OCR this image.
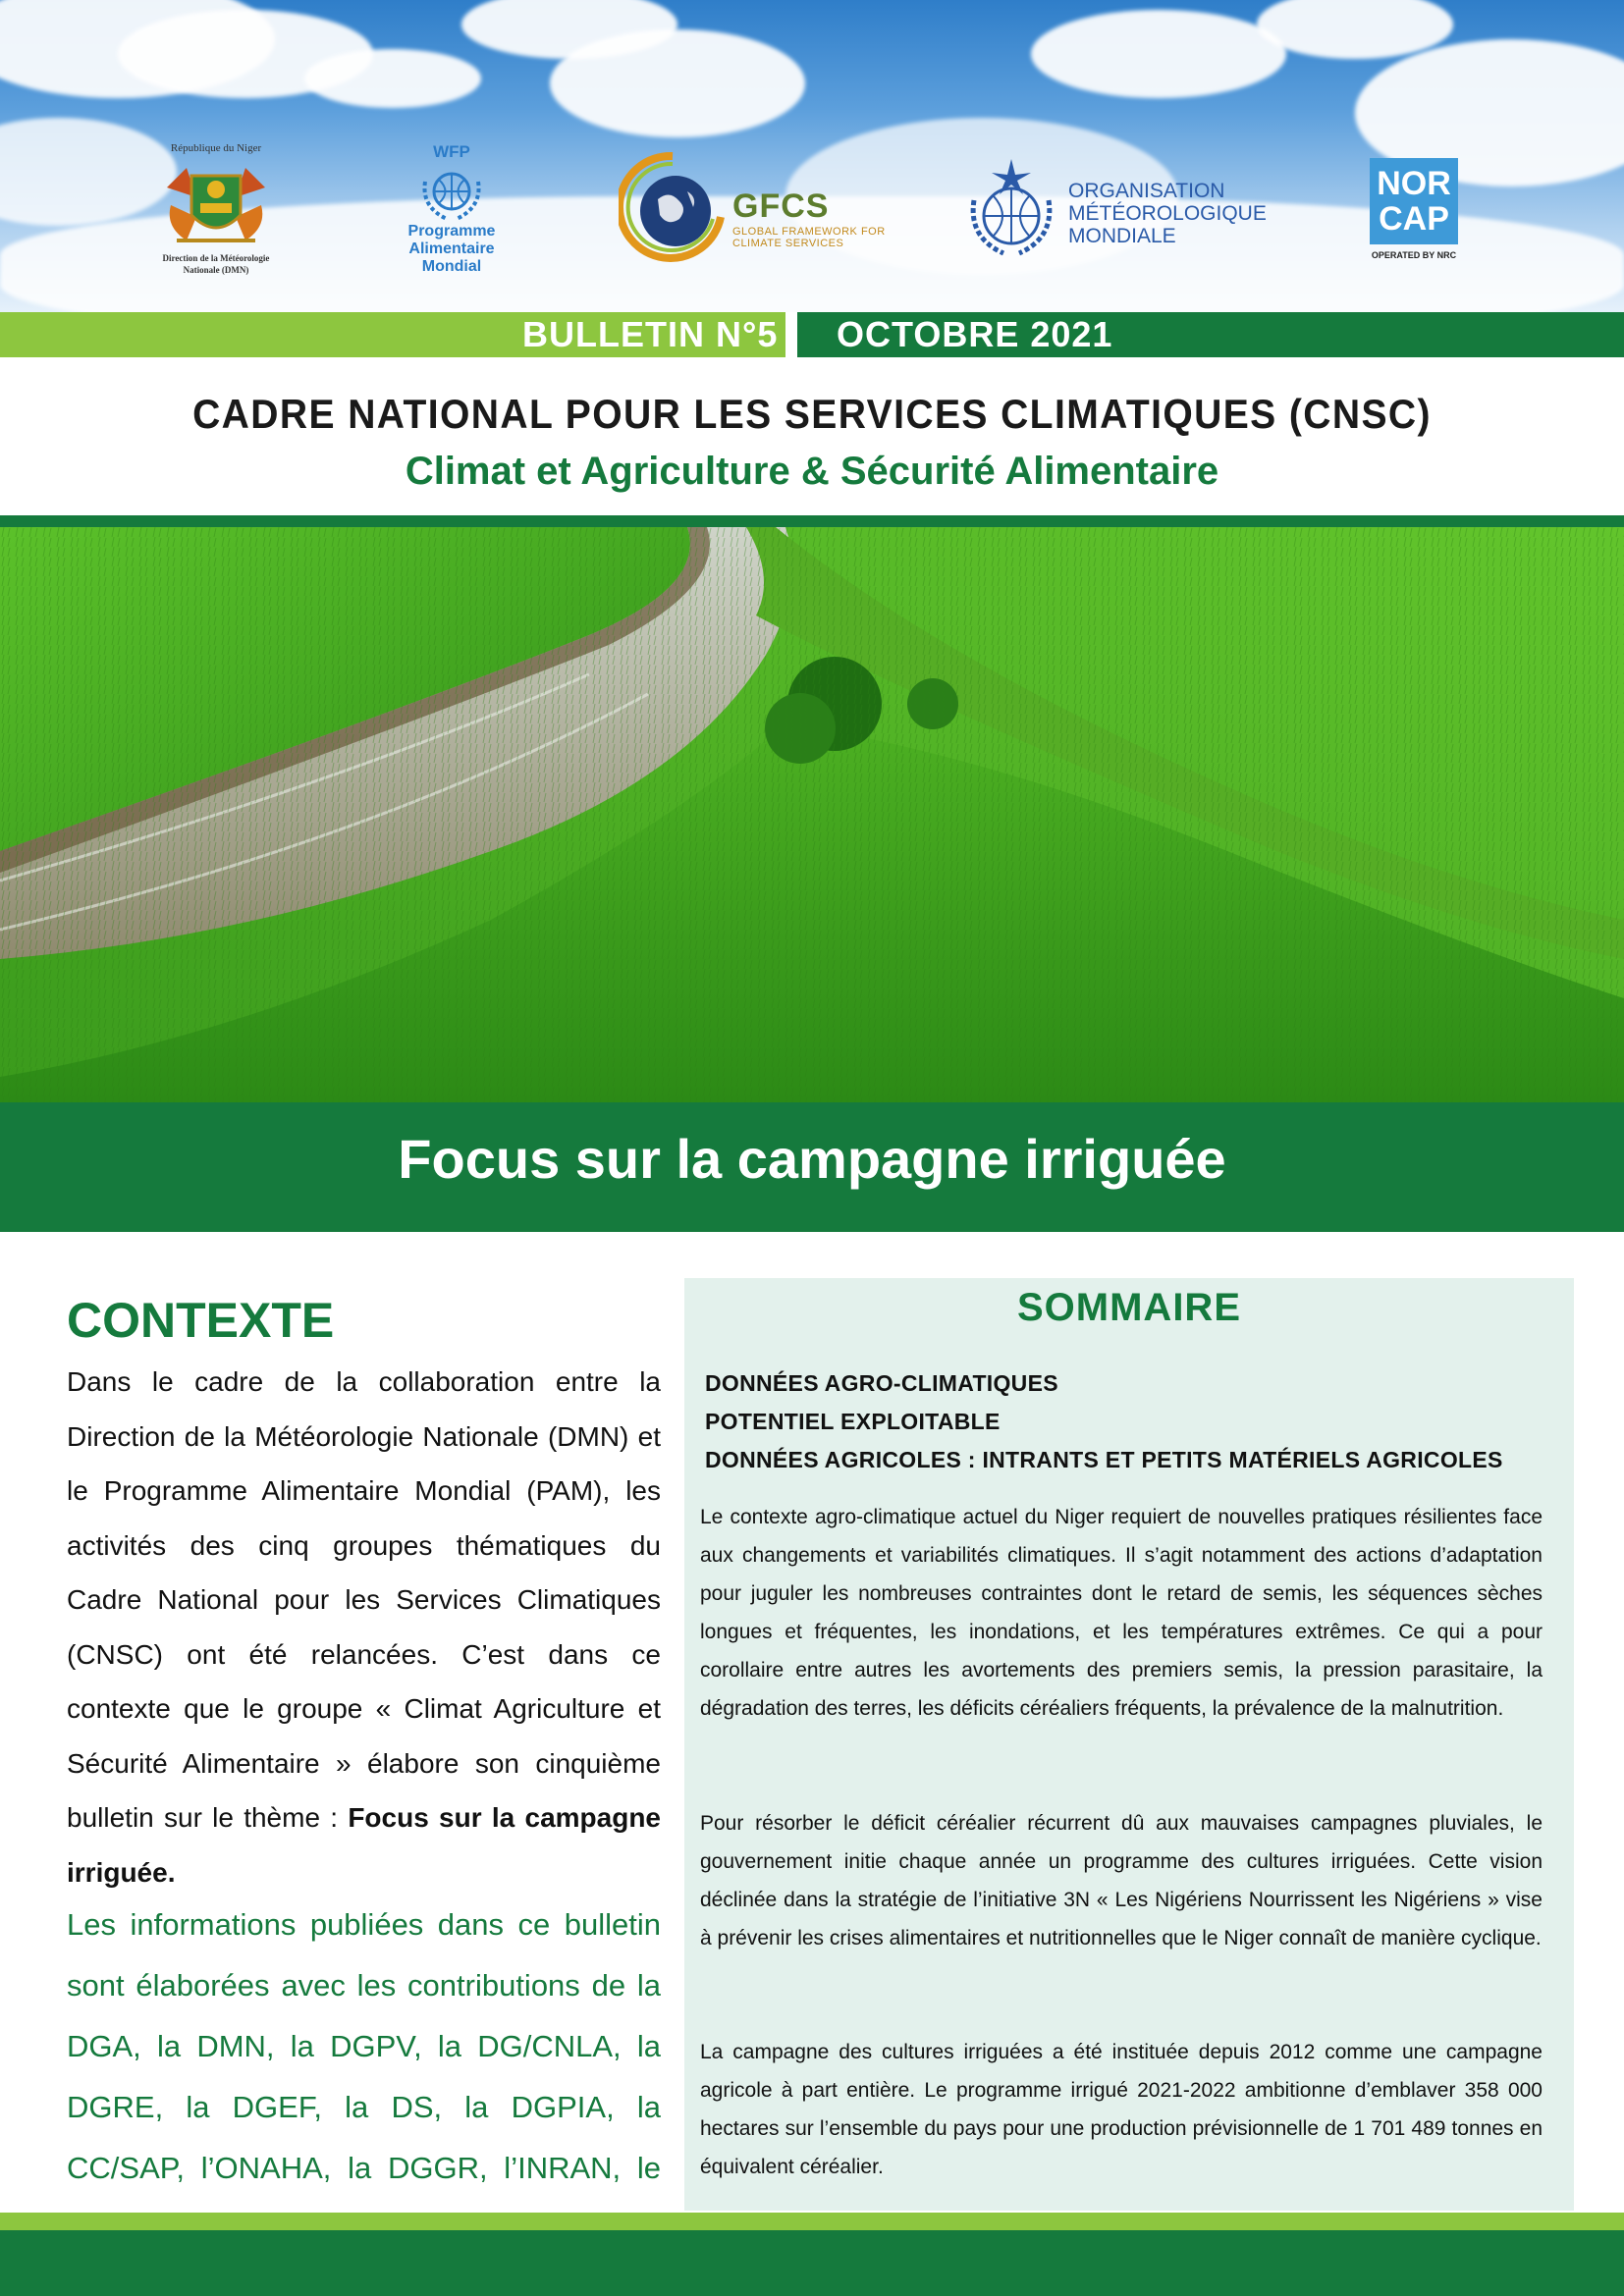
République du Niger
Direction de la Météorologie Nationale (DMN)
WFP
Programme
Alimentaire
Mondial
GFCS
GLOBAL FRAMEWORK FOR
CLIMATE SERVICES
ORGANISATION
MÉTÉOROLOGIQUE
MONDIALE
NOR
CAP
OPERATED BY NRC
BULLETIN N°5 OCTOBRE 2021
CADRE NATIONAL POUR LES SERVICES CLIMATIQUES (CNSC)
Climat et Agriculture & Sécurité Alimentaire
Focus sur la campagne irriguée
CONTEXTE
Dans le cadre de la collaboration entre la Direction de la Météorologie Nationale (DMN) et le Programme Alimentaire Mondial (PAM), les activités des cinq groupes thématiques du Cadre National pour les Services Climatiques (CNSC) ont été relancées. C’est dans ce contexte que le groupe « Climat Agriculture et Sécurité Alimentaire » élabore son cinquième bulletin sur le thème : Focus sur la campagne irriguée.
Les informations publiées dans ce bulletin sont élaborées avec les contributions de la DGA, la DMN, la DGPV, la DG/CNLA, la DGRE, la DGEF, la DS, la DGPIA, la CC/SAP, l’ONAHA, la DGGR, l’INRAN, le
SOMMAIRE
DONNÉES AGRO-CLIMATIQUES
POTENTIEL EXPLOITABLE
DONNÉES AGRICOLES : INTRANTS ET PETITS MATÉRIELS AGRICOLES
Le contexte agro-climatique actuel du Niger requiert de nouvelles pratiques résilientes face aux changements et variabilités climatiques. Il s’agit notamment des actions d’adaptation pour juguler les nombreuses contraintes dont le retard de semis, les séquences sèches longues et fréquentes, les inondations, et les températures extrêmes. Ce qui a pour corollaire entre autres les avortements des premiers semis, la pression parasitaire, la dégradation des terres, les déficits céréaliers fréquents, la prévalence de la malnutrition.
Pour résorber le déficit céréalier récurrent dû aux mauvaises campagnes pluviales, le gouvernement initie chaque année un programme des cultures irriguées. Cette vision déclinée dans la stratégie de l’initiative 3N « Les Nigériens Nourrissent les Nigériens » vise à prévenir les crises alimentaires et nutritionnelles que le Niger connaît de manière cyclique.
La campagne des cultures irriguées a été instituée depuis 2012 comme une campagne agricole à part entière. Le programme irrigué 2021-2022 ambitionne d’emblaver 358 000 hectares sur l’ensemble du pays pour une production prévisionnelle de 1 701 489 tonnes en équivalent céréalier.
